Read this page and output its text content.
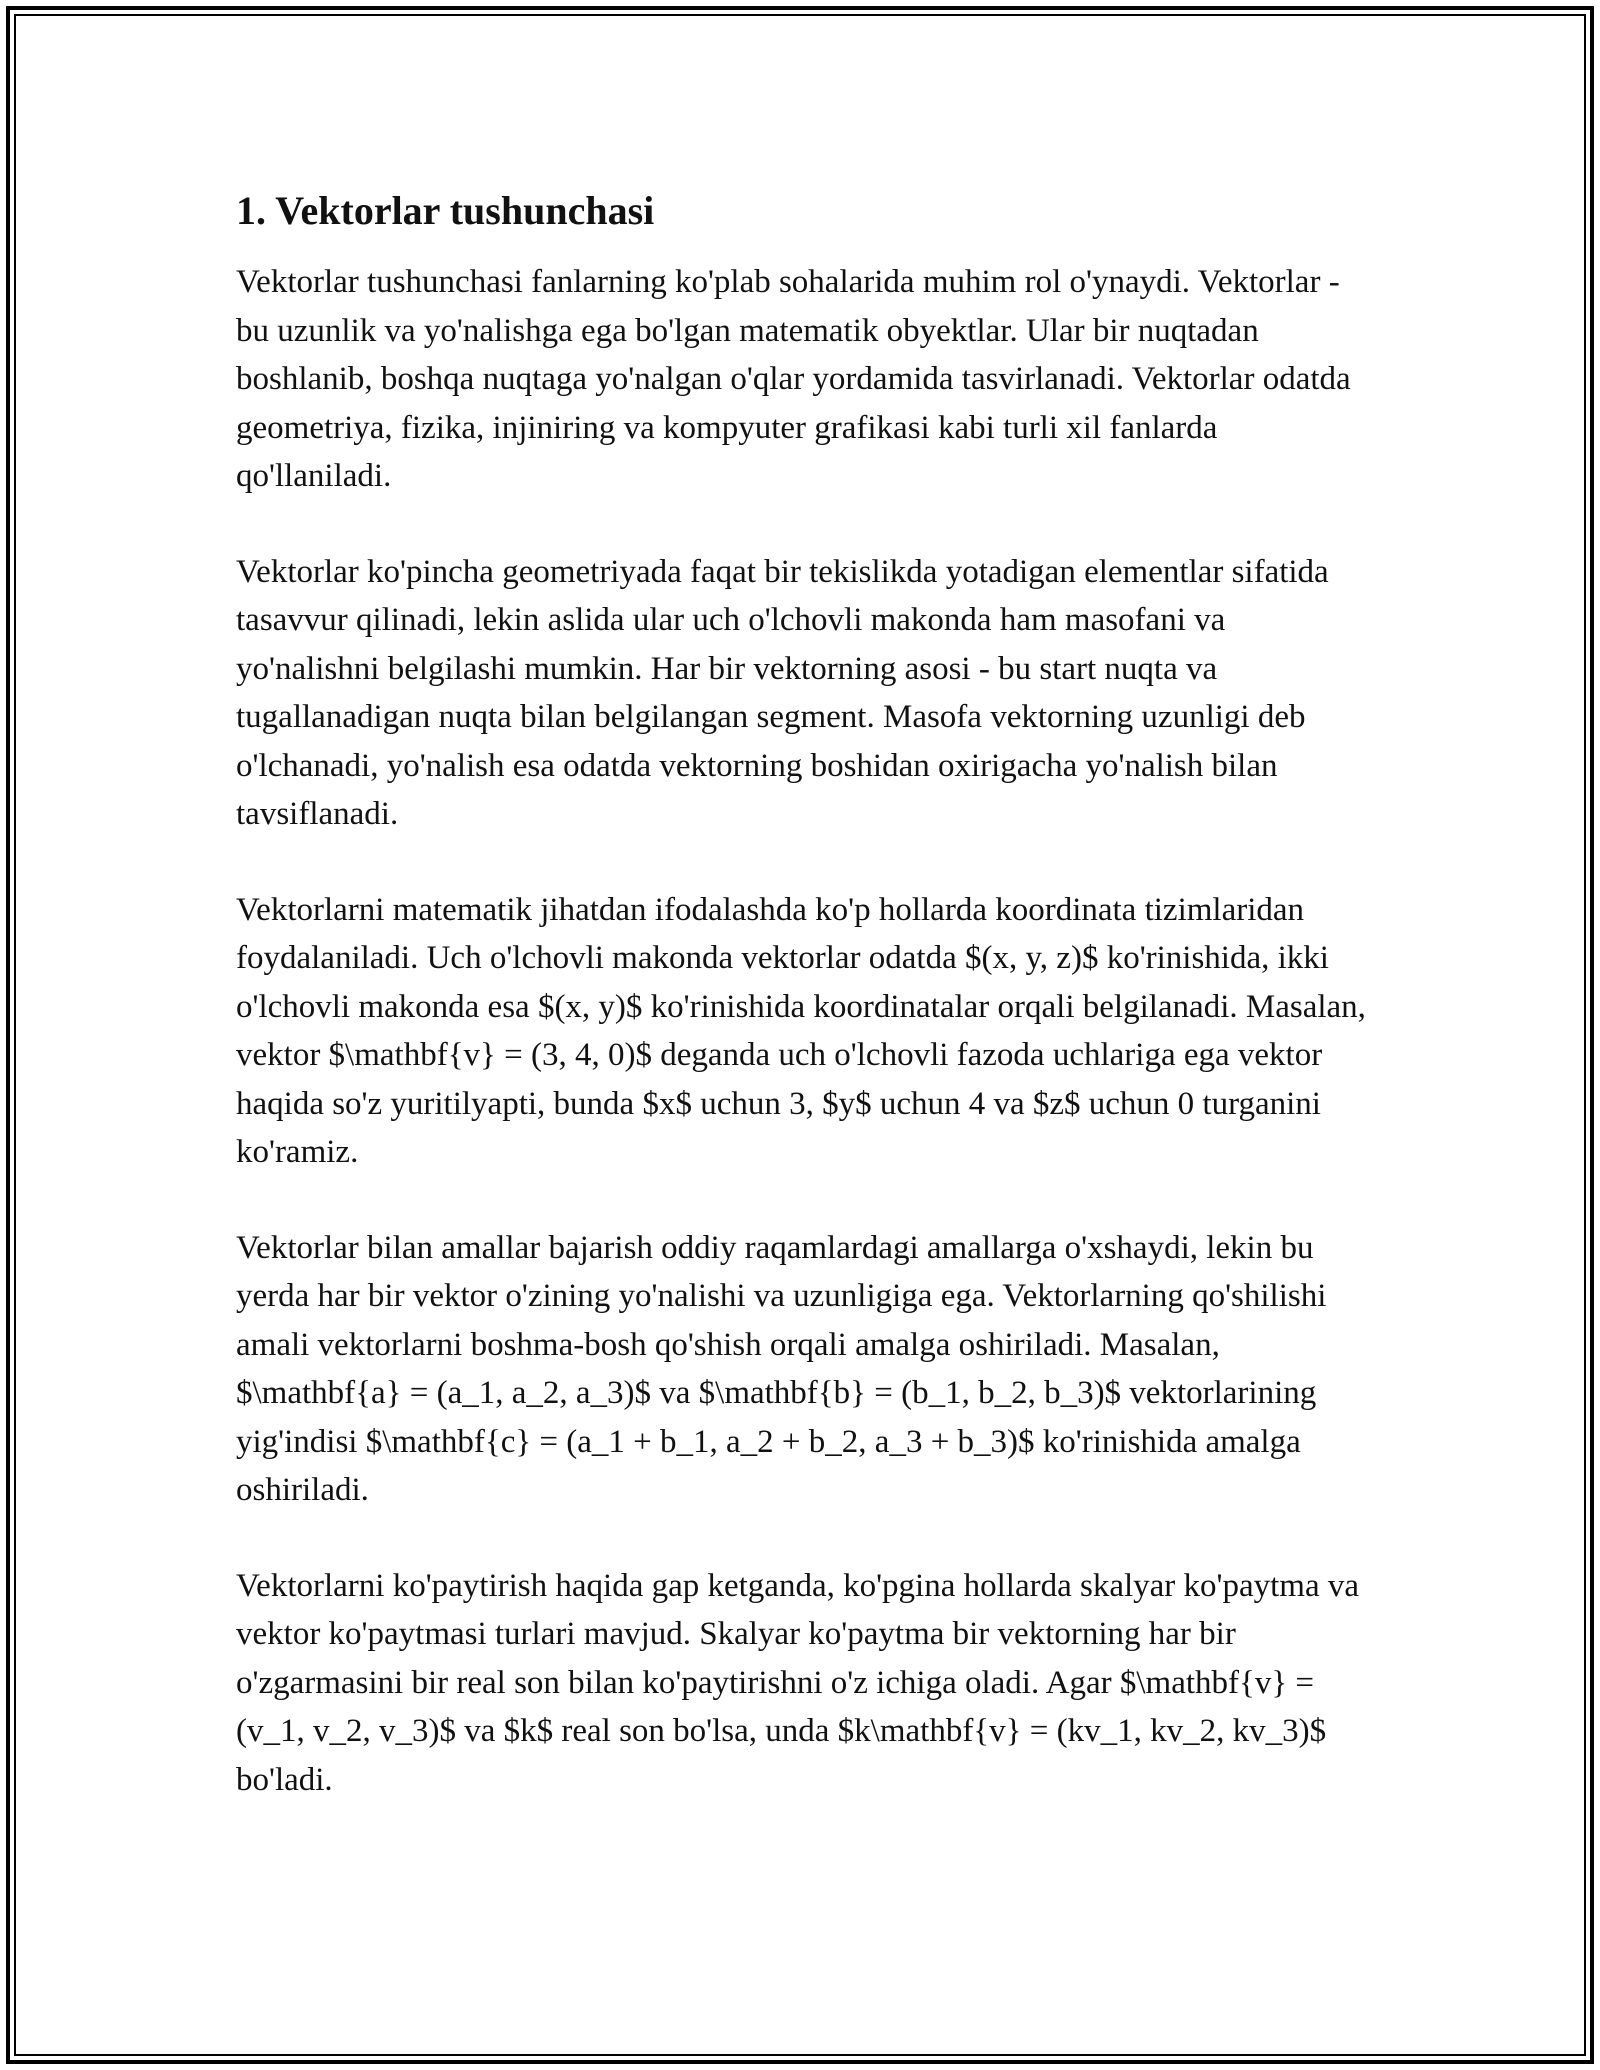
1. Vektorlar tushunchasi

Vektorlar tushunchasi fanlarning ko'plab sohalarida muhim rol o'ynaydi. Vektorlar - bu uzunlik va yo'nalishga ega bo'lgan matematik obyektlar. Ular bir nuqtadan boshlanib, boshqa nuqtaga yo'nalgan o'qlar yordamida tasvirlanadi. Vektorlar odatda geometriya, fizika, injiniring va kompyuter grafikasi kabi turli xil fanlarda qo'llaniladi.

Vektorlar ko'pincha geometriyada faqat bir tekislikda yotadigan elementlar sifatida tasavvur qilinadi, lekin aslida ular uch o'lchovli makonda ham masofani va yo'nalishni belgilashi mumkin. Har bir vektorning asosi - bu start nuqta va tugallanadigan nuqta bilan belgilangan segment. Masofa vektorning uzunligi deb o'lchanadi, yo'nalish esa odatda vektorning boshidan oxirigacha yo'nalish bilan tavsiflanadi.

Vektorlarni matematik jihatdan ifodalashda ko'p hollarda koordinata tizimlaridan foydalaniladi. Uch o'lchovli makonda vektorlar odatda $(x, y, z)$ ko'rinishida, ikki o'lchovli makonda esa $(x, y)$ ko'rinishida koordinatalar orqali belgilanadi. Masalan, vektor $\mathbf{v} = (3, 4, 0)$ deganda uch o'lchovli fazoda uchlariga ega vektor haqida so'z yuritilyapti, bunda $x$ uchun 3, $y$ uchun 4 va $z$ uchun 0 turganini ko'ramiz.

Vektorlar bilan amallar bajarish oddiy raqamlardagi amallarga o'xshaydi, lekin bu yerda har bir vektor o'zining yo'nalishi va uzunligiga ega. Vektorlarning qo'shilishi amali vektorlarni boshma-bosh qo'shish orqali amalga oshiriladi. Masalan, $\mathbf{a} = (a_1, a_2, a_3)$ va $\mathbf{b} = (b_1, b_2, b_3)$ vektorlarining yig'indisi $\mathbf{c} = (a_1 + b_1, a_2 + b_2, a_3 + b_3)$ ko'rinishida amalga oshiriladi.

Vektorlarni ko'paytirish haqida gap ketganda, ko'pgina hollarda skalyar ko'paytma va vektor ko'paytmasi turlari mavjud. Skalyar ko'paytma bir vektorning har bir o'zgarmasini bir real son bilan ko'paytirishni o'z ichiga oladi. Agar $\mathbf{v} = (v_1, v_2, v_3)$ va $k$ real son bo'lsa, unda $k\mathbf{v} = (kv_1, kv_2, kv_3)$ bo'ladi.
